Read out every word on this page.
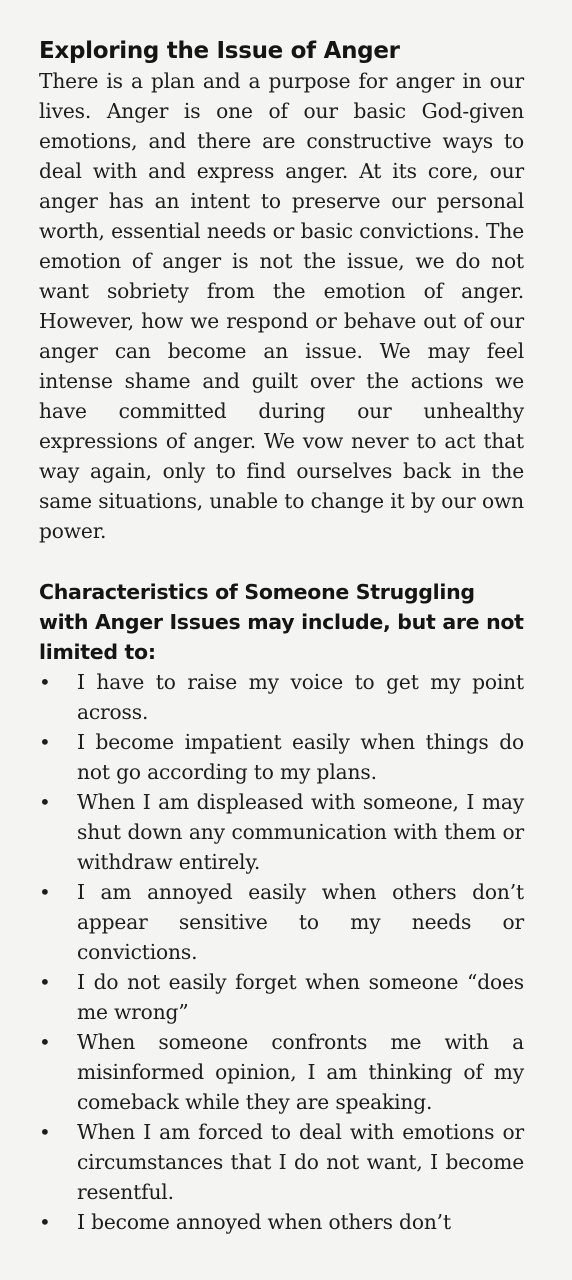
Exploring the Issue of Anger

There is a plan and a purpose for anger in our lives. Anger is one of our basic God-given emotions, and there are constructive ways to deal with and express anger. At its core, our anger has an intent to preserve our personal worth, essential needs or basic convictions. The emotion of anger is not the issue, we do not want sobriety from the emotion of anger. However, how we respond or behave out of our anger can become an issue. We may feel intense shame and guilt over the actions we have committed during our unhealthy expressions of anger. We vow never to act that way again, only to find ourselves back in the same situations, unable to change it by our own power.

Characteristics of Someone Struggling with Anger Issues may include, but are not limited to:
• I have to raise my voice to get my point across.
• I become impatient easily when things do not go according to my plans.
• When I am displeased with someone, I may shut down any communication with them or withdraw entirely.
• I am annoyed easily when others don’t appear sensitive to my needs or convictions.
• I do not easily forget when someone “does me wrong”
• When someone confronts me with a misinformed opinion, I am thinking of my comeback while they are speaking.
• When I am forced to deal with emotions or circumstances that I do not want, I become resentful.
• I become annoyed when others don’t
